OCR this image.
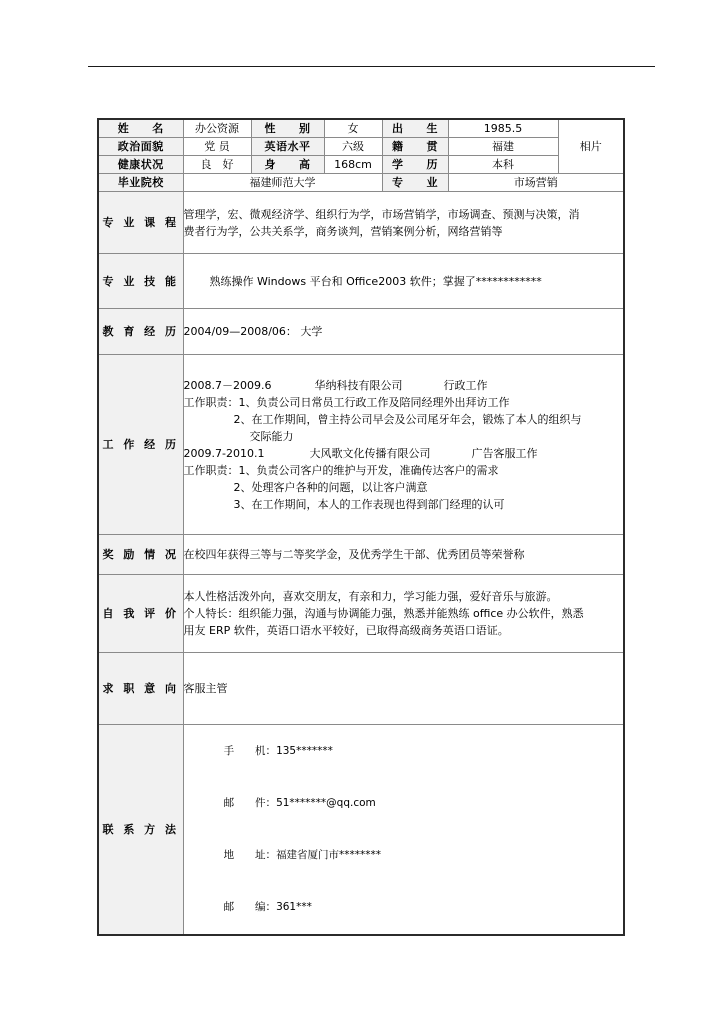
姓　　名	办公资源	性　　别	女	出　　生	1985.5	相片
政治面貌	党 员	英语水平	六级	籍　　贯	福建	
健康状况	良　好	身　　高	168cm	学　　历	本科	
毕业院校	福建师范大学			专　　业	市场营销	
专 业 课 程	管理学，宏、微观经济学、组织行为学，市场营销学，市场调查、预测与决策，消
费者行为学，公共关系学，商务谈判，营销案例分析，网络营销等					

专 业 技 能	熟练操作 Windows 平台和 Office2003 软件；掌握了************					

教 育 经 历	2004/09—2008/06： 大学					

工 作 经 历	
2008.7－2009.6	华纳科技有限公司	行政工作
工作职责：1、负责公司日常员工行政工作及陪同经理外出拜访工作
2、在工作期间，曾主持公司早会及公司尾牙年会，锻炼了本人的组织与
交际能力
2009.7-2010.1	大风歌文化传播有限公司	广告客服工作
工作职责：1、负责公司客户的维护与开发，准确传达客户的需求
2、处理客户各种的问题，以让客户满意
3、在工作期间，本人的工作表现也得到部门经理的认可

奖 励 情 况	在校四年获得三等与二等奖学金，及优秀学生干部、优秀团员等荣誉称					

自 我 评 价	本人性格活泼外向，喜欢交朋友，有亲和力，学习能力强，爱好音乐与旅游。
个人特长：组织能力强，沟通与协调能力强，熟悉并能熟练 office 办公软件，熟悉
用友 ERP 软件，英语口语水平较好，已取得高级商务英语口语证。					

求 职 意 向	客服主管					

联 系 方 法	手　　机：135*******

邮　　件：51*******@qq.com

地　　址：福建省厦门市********

邮　　编：361***					
